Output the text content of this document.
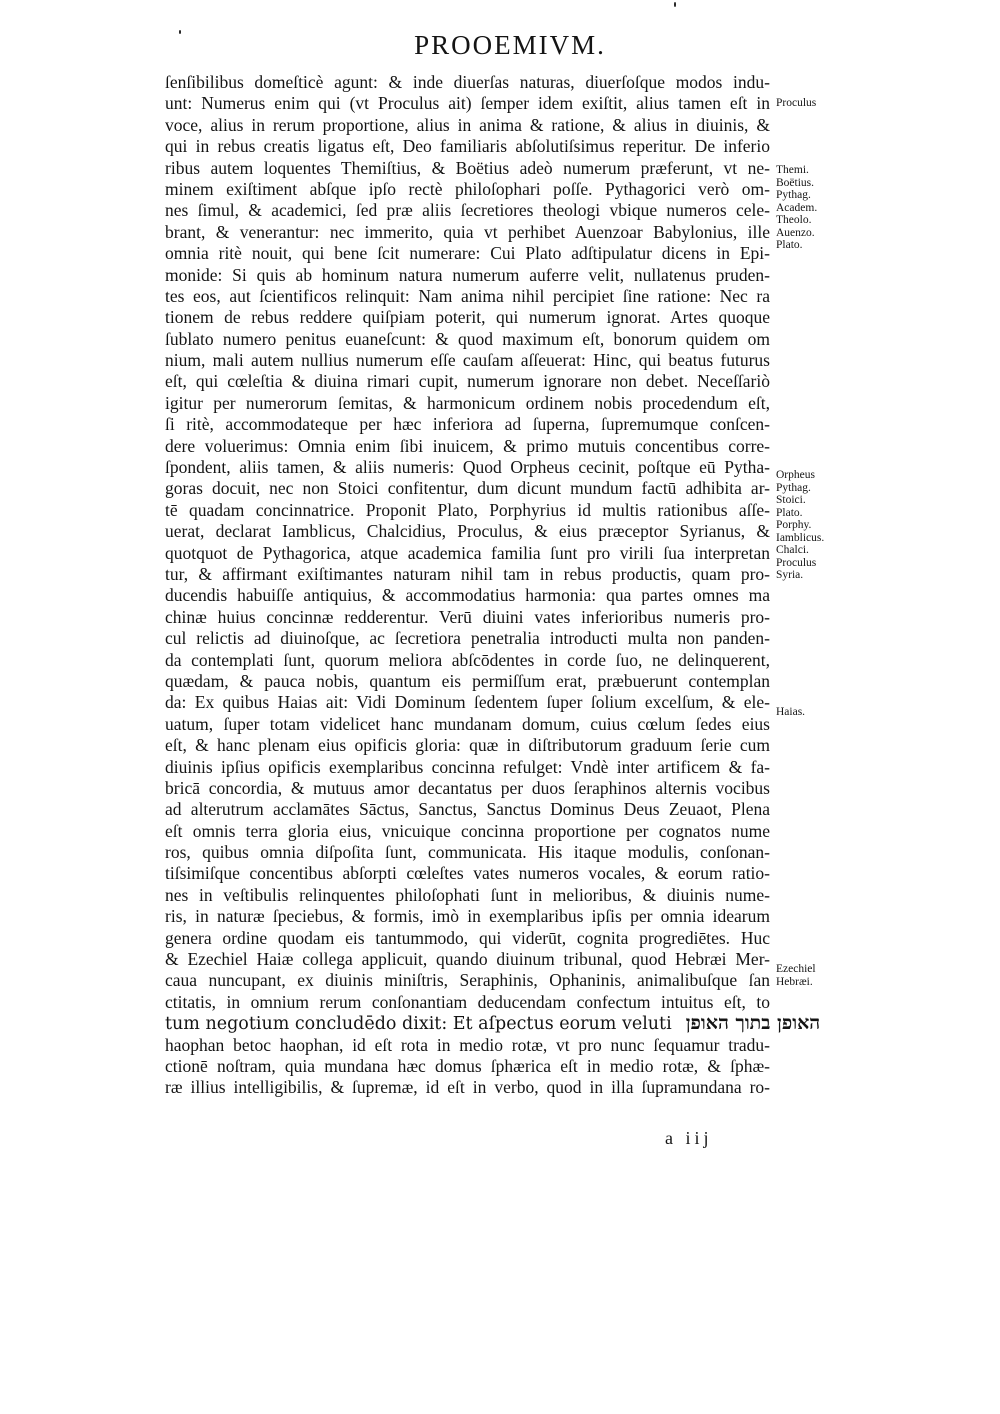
PROOEMIVM.
ſenſibilibus domeſticè agunt: & inde diuerſas naturas, diuerſoſque modos indu-
unt: Numerus enim qui (vt Proculus ait) ſemper idem exiſtit, alius tamen eſt in
voce, alius in rerum proportione, alius in anima & ratione, & alius in diuinis, &
qui in rebus creatis ligatus eſt, Deo familiaris abſolutiſsimus reperitur. De inferio
ribus autem loquentes Themiſtius, & Boëtius adeò numerum præferunt, vt ne-
minem exiſtiment abſque ipſo rectè philoſophari poſſe. Pythagorici verò om-
nes ſimul, & academici, ſed præ aliis ſecretiores theologi vbique numeros cele-
brant, & venerantur: nec immerito, quia vt perhibet Auenzoar Babylonius, ille
omnia ritè nouit, qui bene ſcit numerare: Cui Plato adſtipulatur dicens in Epi-
monide: Si quis ab hominum natura numerum auferre velit, nullatenus pruden-
tes eos, aut ſcientificos relinquit: Nam anima nihil percipiet ſine ratione: Nec ra
tionem de rebus reddere quiſpiam poterit, qui numerum ignorat. Artes quoque
ſublato numero penitus euaneſcunt: & quod maximum eſt, bonorum quidem om
nium, mali autem nullius numerum eſſe cauſam aſſeuerat: Hinc, qui beatus futurus
eſt, qui cœleſtia & diuina rimari cupit, numerum ignorare non debet. Neceſſariò
igitur per numerorum ſemitas, & harmonicum ordinem nobis procedendum eſt,
ſi ritè, accommodateque per hæc inferiora ad ſuperna, ſupremumque conſcen-
dere voluerimus: Omnia enim ſibi inuicem, & primo mutuis concentibus corre-
ſpondent, aliis tamen, & aliis numeris: Quod Orpheus cecinit, poſtque eū Pytha-
goras docuit, nec non Stoici confitentur, dum dicunt mundum factū adhibita ar-
tē quadam concinnatrice. Proponit Plato, Porphyrius id multis rationibus aſſe-
uerat, declarat Iamblicus, Chalcidius, Proculus, & eius præceptor Syrianus, &
quotquot de Pythagorica, atque academica familia ſunt pro virili ſua interpretan
tur, & affirmant exiſtimantes naturam nihil tam in rebus productis, quam pro-
ducendis habuiſſe antiquius, & accommodatius harmonia: qua partes omnes ma
chinæ huius concinnæ redderentur. Verū diuini vates inferioribus numeris pro-
cul relictis ad diuinoſque, ac ſecretiora penetralia introducti multa non panden-
da contemplati ſunt, quorum meliora abſcōdentes in corde ſuo, ne delinquerent,
quædam, & pauca nobis, quantum eis permiſſum erat, præbuerunt contemplan
da: Ex quibus Haias ait: Vidi Dominum ſedentem ſuper ſolium excelſum, & ele-
uatum, ſuper totam videlicet hanc mundanam domum, cuius cœlum ſedes eius
eſt, & hanc plenam eius opificis gloria: quæ in diſtributorum graduum ſerie cum
diuinis ipſius opificis exemplaribus concinna refulget: Vndè inter artificem & fa-
bricā concordia, & mutuus amor decantatus per duos ſeraphinos alternis vocibus
ad alterutrum acclamātes Sāctus, Sanctus, Sanctus Dominus Deus Zeuaot, Plena
eſt omnis terra gloria eius, vnicuique concinna proportione per cognatos nume
ros, quibus omnia diſpoſita ſunt, communicata. His itaque modulis, conſonan-
tiſsimiſque concentibus abſorpti cœleſtes vates numeros vocales, & eorum ratio-
nes in veſtibulis relinquentes philoſophati ſunt in melioribus, & diuinis nume-
ris, in naturæ ſpeciebus, & formis, imò in exemplaribus ipſis per omnia idearum
genera ordine quodam eis tantummodo, qui viderūt, cognita progrediētes. Huc
& Ezechiel Haiæ collega applicuit, quando diuinum tribunal, quod Hebræi Mer-
caua nuncupant, ex diuinis miniſtris, Seraphinis, Ophaninis, animalibuſque ſan
ctitatis, in omnium rerum conſonantiam deducendam confectum intuitus eſt, to
tum negotium concludēdo dixit: Et aſpectus eorum veluti האופן בתוך האופן
haophan betoc haophan, id eſt rota in medio rotæ, vt pro nunc ſequamur tradu-
ctionē noſtram, quia mundana hæc domus ſphærica eſt in medio rotæ, & ſphæ-
ræ illius intelligibilis, & ſupremæ, id eſt in verbo, quod in illa ſupramundana ro-
Proculus
Themi.
Boëtius.
Pythag.
Academ.
Theolo.
Auenzo.
Plato.
Orpheus
Pythag.
Stoici.
Plato.
Porphy.
Iamblicus.
Chalci.
Proculus
Syria.
Haias.
Ezechiel
Hebræi.
a iij
